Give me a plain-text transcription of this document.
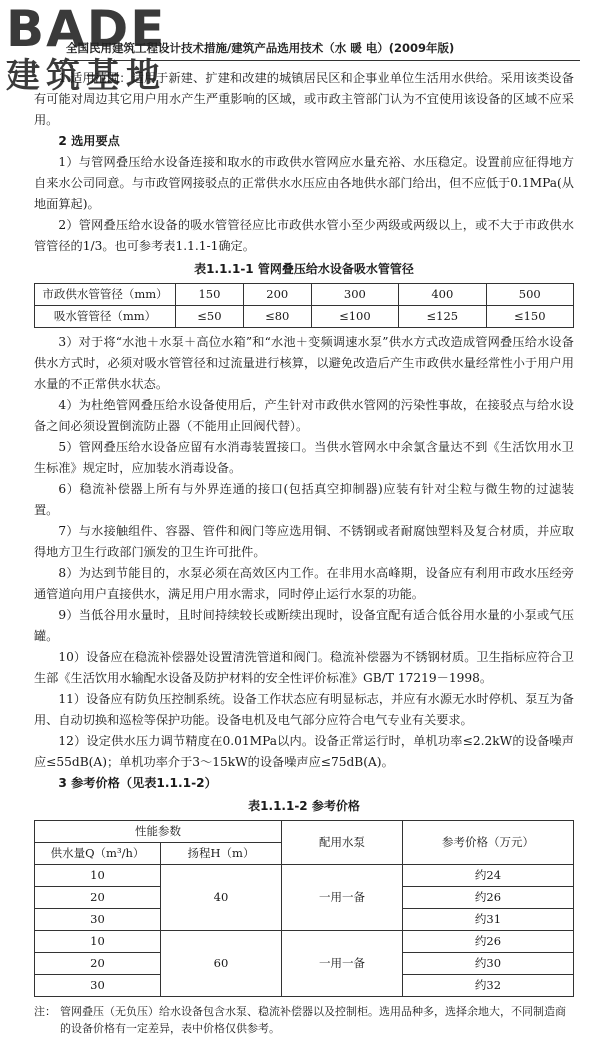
BADE
建筑基地
全国民用建筑工程设计技术措施/建筑产品选用技术（水 暖 电）(2009年版)

1 适用范围：适用于新建、扩建和改建的城镇居民区和企事业单位生活用水供给。采用该类设备有可能对周边其它用户用水产生严重影响的区域，或市政主管部门认为不宜使用该设备的区域不应采用。

2 选用要点

1）与管网叠压给水设备连接和取水的市政供水管网应水量充裕、水压稳定。设置前应征得地方自来水公司同意。与市政管网接驳点的正常供水水压应由各地供水部门给出，但不应低于0.1MPa(从地面算起)。

2）管网叠压给水设备的吸水管管径应比市政供水管小至少两级或两级以上，或不大于市政供水管管径的1/3。也可参考表1.1.1-1确定。

表1.1.1-1 管网叠压给水设备吸水管管径
市政供水管管径（mm）	150	200	300	400	500
吸水管管径（mm）	≤50	≤80	≤100	≤125	≤150

3）对于将“水池＋水泵＋高位水箱”和“水池＋变频调速水泵”供水方式改造成管网叠压给水设备供水方式时，必须对吸水管管径和过流量进行核算，以避免改造后产生市政供水量经常性小于用户用水量的不正常供水状态。

4）为杜绝管网叠压给水设备使用后，产生针对市政供水管网的污染性事故，在接驳点与给水设备之间必须设置倒流防止器（不能用止回阀代替）。

5）管网叠压给水设备应留有水消毒装置接口。当供水管网水中余氯含量达不到《生活饮用水卫生标准》规定时，应加装水消毒设备。

6）稳流补偿器上所有与外界连通的接口(包括真空抑制器)应装有针对尘粒与微生物的过滤装置。

7）与水接触组件、容器、管件和阀门等应选用铜、不锈钢或者耐腐蚀塑料及复合材质，并应取得地方卫生行政部门颁发的卫生许可批件。

8）为达到节能目的，水泵必须在高效区内工作。在非用水高峰期，设备应有利用市政水压经旁通管道向用户直接供水，满足用户用水需求，同时停止运行水泵的功能。

9）当低谷用水量时，且时间持续较长或断续出现时，设备宜配有适合低谷用水量的小泵或气压罐。

10）设备应在稳流补偿器处设置清洗管道和阀门。稳流补偿器为不锈钢材质。卫生指标应符合卫生部《生活饮用水输配水设备及防护材料的安全性评价标准》GB/T 17219－1998。

11）设备应有防负压控制系统。设备工作状态应有明显标志，并应有水源无水时停机、泵互为备用、自动切换和巡检等保护功能。设备电机及电气部分应符合电气专业有关要求。

12）设定供水压力调节精度在0.01MPa以内。设备正常运行时，单机功率≤2.2kW的设备噪声应≤55dB(A)；单机功率介于3～15kW的设备噪声应≤75dB(A)。

3 参考价格（见表1.1.1-2）

表1.1.1-2 参考价格
性能参数		配用水泵	参考价格（万元）
供水量Q（m³/h）	扬程H（m）		
10	40	一用一备	约24
20			约26
30			约31
10	60	一用一备	约26
20			约30
30			约32
注： 管网叠压（无负压）给水设备包含水泵、稳流补偿器以及控制柜。选用品种多，选择余地大，不同制造商的设备价格有一定差异，表中价格仅供参考。
